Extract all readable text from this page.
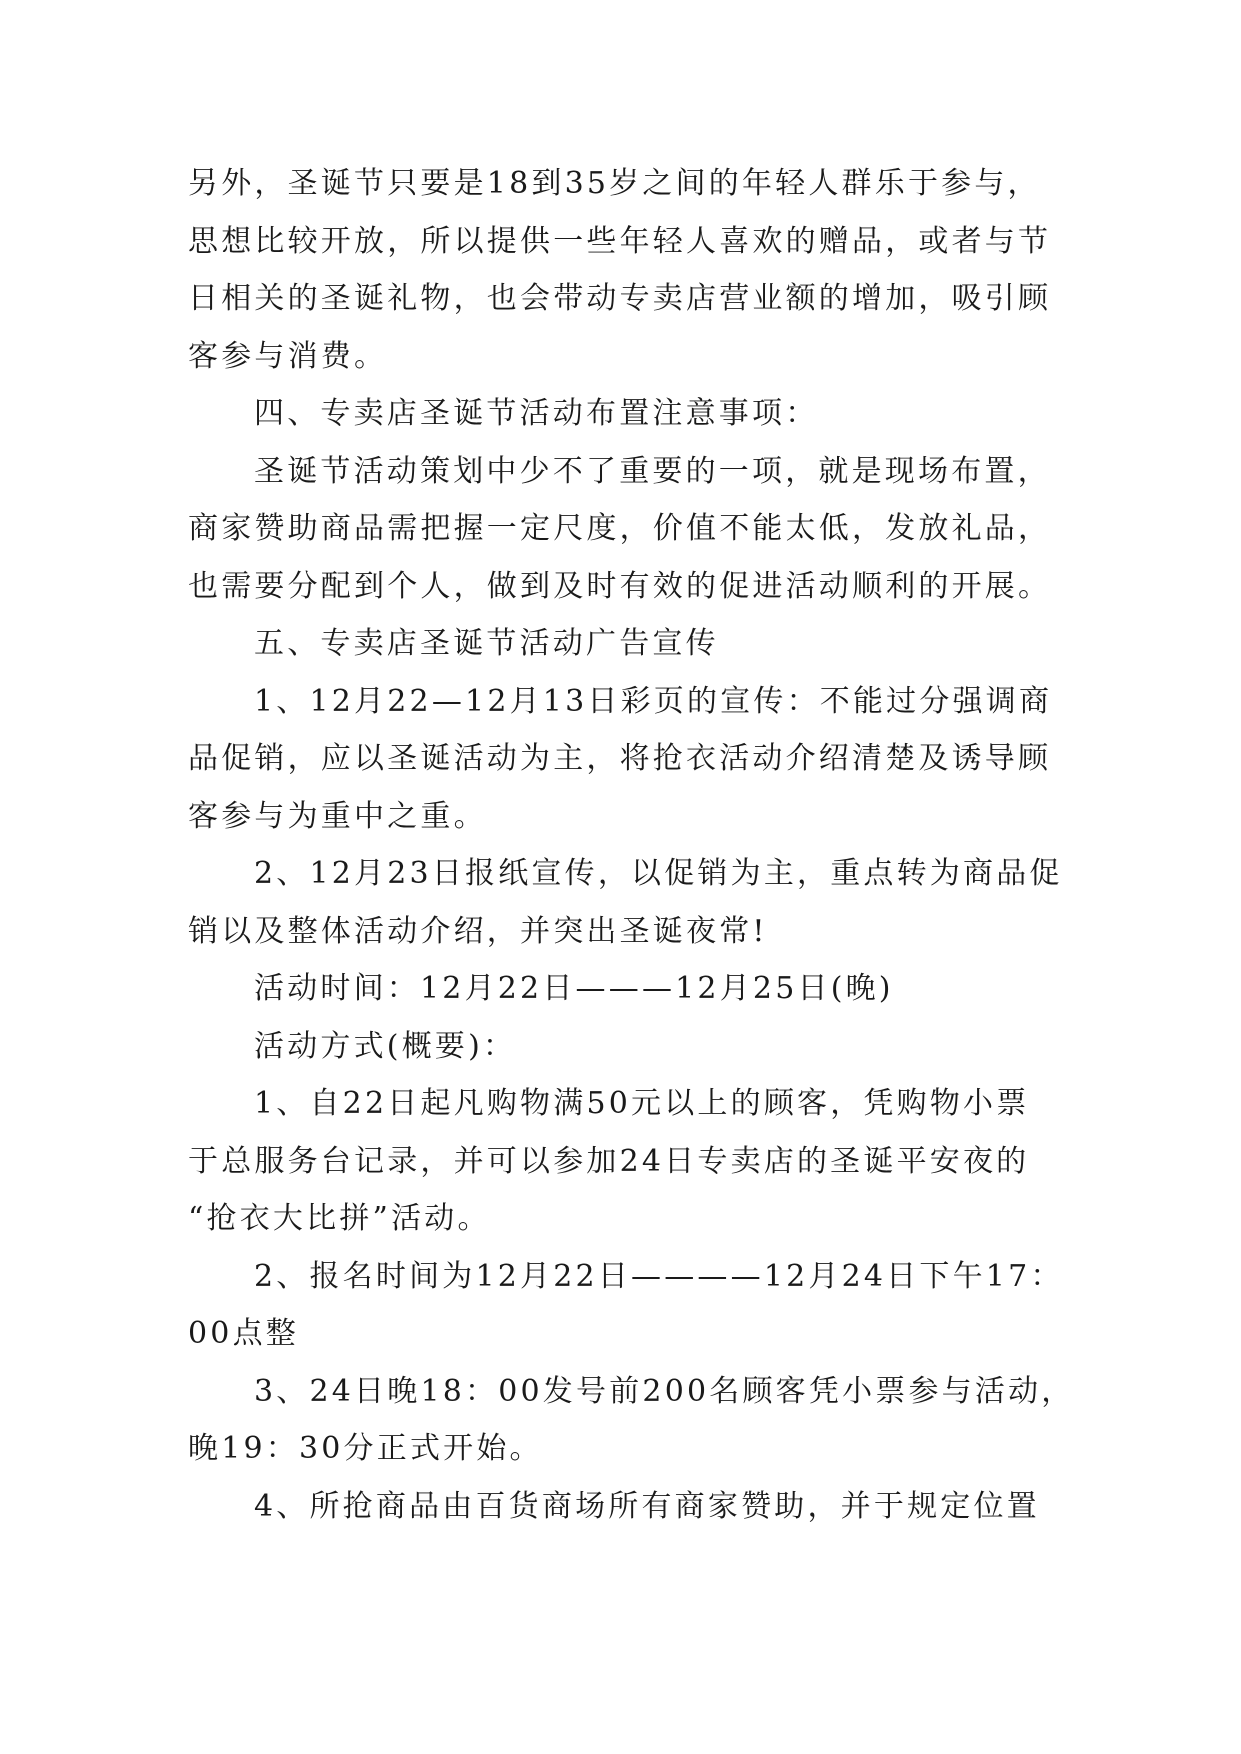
另外，圣诞节只要是18到35岁之间的年轻人群乐于参与，
思想比较开放，所以提供一些年轻人喜欢的赠品，或者与节
日相关的圣诞礼物，也会带动专卖店营业额的增加，吸引顾
客参与消费。
四、专卖店圣诞节活动布置注意事项：
圣诞节活动策划中少不了重要的一项，就是现场布置，
商家赞助商品需把握一定尺度，价值不能太低，发放礼品，
也需要分配到个人，做到及时有效的促进活动顺利的开展。
五、专卖店圣诞节活动广告宣传
1、12月22—12月13日彩页的宣传：不能过分强调商
品促销，应以圣诞活动为主，将抢衣活动介绍清楚及诱导顾
客参与为重中之重。
2、12月23日报纸宣传，以促销为主，重点转为商品促
销以及整体活动介绍，并突出圣诞夜常!
活动时间：12月22日———12月25日(晚)
活动方式(概要)：
1、自22日起凡购物满50元以上的顾客，凭购物小票
于总服务台记录，并可以参加24日专卖店的圣诞平安夜的
“抢衣大比拼”活动。
2、报名时间为12月22日————12月24日下午17：
00点整
3、24日晚18：00发号前200名顾客凭小票参与活动，
晚19：30分正式开始。
4、所抢商品由百货商场所有商家赞助，并于规定位置
